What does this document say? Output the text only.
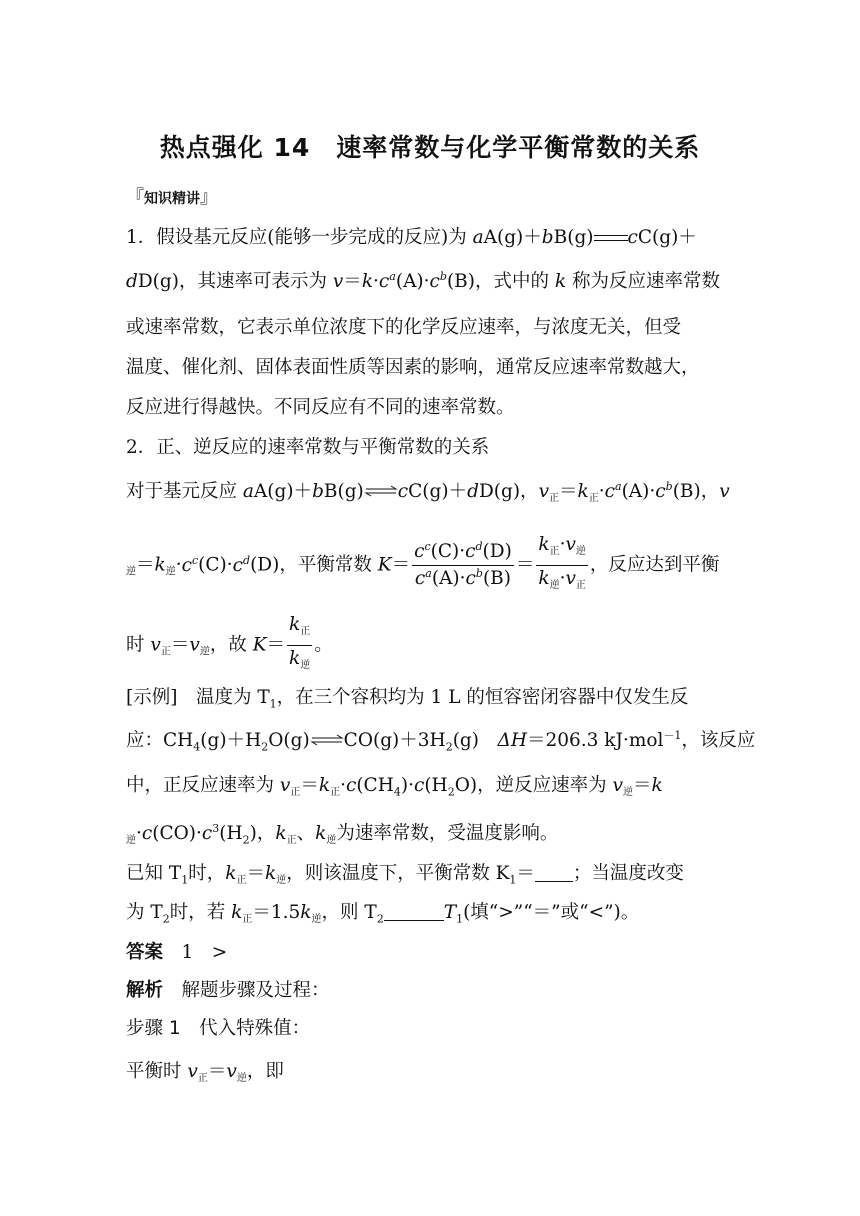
热点强化 14　速率常数与化学平衡常数的关系
『知识精讲』
1．假设基元反应(能够一步完成的反应)为 aA(g)＋bB(g) cC(g)＋
dD(g)，其速率可表示为 $v=k\cdot c^a(A)\cdot c^b(B)$，式中的 k 称为反应速率常数
或速率常数，它表示单位浓度下的化学反应速率，与浓度无关，但受
温度、催化剂、固体表面性质等因素的影响，通常反应速率常数越大，
反应进行得越快。不同反应有不同的速率常数。
2．正、逆反应的速率常数与平衡常数的关系
对于基元反应 aA(g)＋bB(g)⇌cC(g)＋dD(g)，$v_正=k_正\cdot c^a(A)\cdot c^b(B)$，v
$_逆=k_逆\cdot c^c(C)\cdot c^d(D)$，平衡常数 $K= \frac{c^c(C)\cdot c^d(D)}{c^a(A)\cdot c^b(B)} = \frac{k_正\cdot v_逆}{k_逆\cdot v_正}$ ，反应达到平衡
时 $v_正=v_逆$，故 $K= \frac{k_正}{k_逆}$ 。
[示例]　温度为 $T_1$，在三个容积均为 1 L 的恒容密闭容器中仅发生反
应：$CH_4(g)+H_2O(g)\rightleftharpoons CO(g)+3H_2(g)$　ΔH＝206.3 kJ·mol$^{-1}$，该反应
中，正反应速率为 $v_正=k_正\cdot c(CH_4)\cdot c(H_2O)$，逆反应速率为 $v_逆=k$
$_逆\cdot c(CO)\cdot c^3(H_2)$，$k_正$、$k_逆$为速率常数，受温度影响。
已知 $T_1$时，$k_正=k_逆$，则该温度下，平衡常数 $K_1=$ ；当温度改变
为 $T_2$时，若 $k_正=1.5k_逆$，则 $T_2$	$T_1$(填“>”“＝”或“<”)。
答案　 1　>
解析　 解题步骤及过程：
步骤 1　 代入特殊值：
平衡时 $v_正=v_逆$，即
